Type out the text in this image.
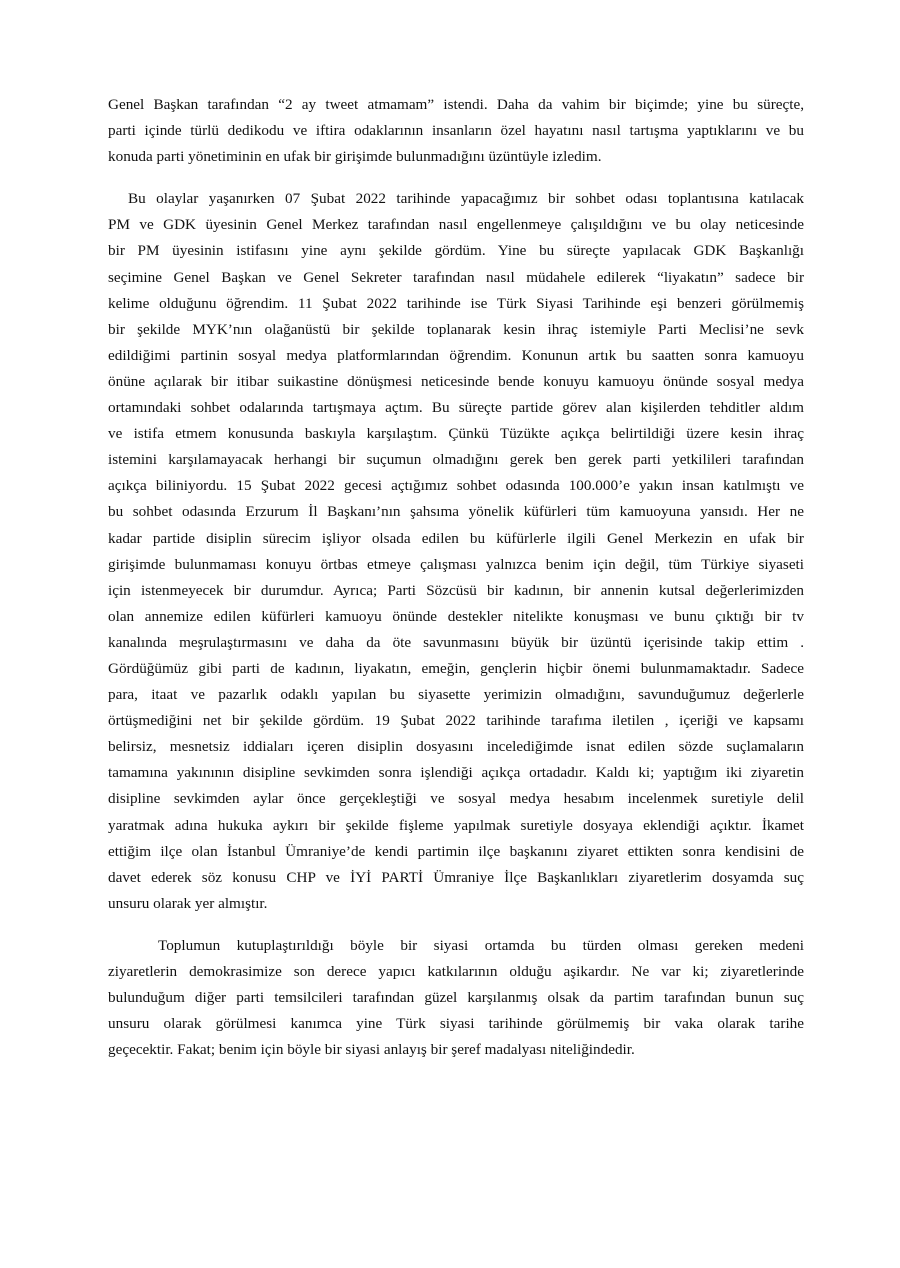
Genel Başkan tarafından “2 ay tweet atmamam” istendi. Daha da vahim bir biçimde; yine bu süreçte,
parti içinde türlü dedikodu ve iftira odaklarının insanların özel hayatını nasıl tartışma yaptıklarını ve bu
konuda parti yönetiminin en ufak bir girişimde bulunmadığını üzüntüyle izledim.
Bu olaylar yaşanırken 07 Şubat 2022 tarihinde yapacağımız bir sohbet odası toplantısına katılacak
PM ve GDK üyesinin Genel Merkez tarafından nasıl engellenmeye çalışıldığını ve bu olay neticesinde
bir PM üyesinin istifasını yine aynı şekilde gördüm. Yine bu süreçte yapılacak GDK Başkanlığı
seçimine Genel Başkan ve Genel Sekreter tarafından nasıl müdahele edilerek “liyakatın” sadece bir
kelime olduğunu öğrendim. 11 Şubat 2022 tarihinde ise Türk Siyasi Tarihinde eşi benzeri görülmemiş
bir şekilde MYK’nın olağanüstü bir şekilde toplanarak kesin ihraç istemiyle Parti Meclisi’ne sevk
edildiğimi partinin sosyal medya platformlarından öğrendim. Konunun artık bu saatten sonra kamuoyu
önüne açılarak bir itibar suikastine dönüşmesi neticesinde bende konuyu kamuoyu önünde sosyal medya
ortamındaki sohbet odalarında tartışmaya açtım. Bu süreçte partide görev alan kişilerden tehditler aldım
ve istifa etmem konusunda baskıyla karşılaştım. Çünkü Tüzükte açıkça belirtildiği üzere kesin ihraç
istemini karşılamayacak herhangi bir suçumun olmadığını gerek ben gerek parti yetkilileri tarafından
açıkça biliniyordu. 15 Şubat 2022 gecesi açtığımız sohbet odasında 100.000’e yakın insan katılmıştı ve
bu sohbet odasında Erzurum İl Başkanı’nın şahsıma yönelik küfürleri tüm kamuoyuna yansıdı. Her ne
kadar partide disiplin sürecim işliyor olsada edilen bu küfürlerle ilgili Genel Merkezin en ufak bir
girişimde bulunmaması konuyu örtbas etmeye çalışması yalnızca benim için değil, tüm Türkiye siyaseti
için istenmeyecek bir durumdur. Ayrıca; Parti Sözcüsü bir kadının, bir annenin kutsal değerlerimizden
olan annemize edilen küfürleri kamuoyu önünde destekler nitelikte konuşması ve bunu çıktığı bir tv
kanalında meşrulaştırmasını ve daha da öte savunmasını büyük bir üzüntü içerisinde takip ettim .
Gördüğümüz gibi parti de kadının, liyakatın, emeğin, gençlerin hiçbir önemi bulunmamaktadır. Sadece
para, itaat ve pazarlık odaklı yapılan bu siyasette yerimizin olmadığını, savunduğumuz değerlerle
örtüşmediğini net bir şekilde gördüm. 19 Şubat 2022 tarihinde tarafıma iletilen , içeriği ve kapsamı
belirsiz, mesnetsiz iddiaları içeren disiplin dosyasını incelediğimde isnat edilen sözde suçlamaların
tamamına yakınının disipline sevkimden sonra işlendiği açıkça ortadadır. Kaldı ki; yaptığım iki ziyaretin
disipline sevkimden aylar önce gerçekleştiği ve sosyal medya hesabım incelenmek suretiyle delil
yaratmak adına hukuka aykırı bir şekilde fişleme yapılmak suretiyle dosyaya eklendiği açıktır. İkamet
ettiğim ilçe olan İstanbul Ümraniye’de kendi partimin ilçe başkanını ziyaret ettikten sonra kendisini de
davet ederek söz konusu CHP ve İYİ PARTİ Ümraniye İlçe Başkanlıkları ziyaretlerim dosyamda suç
unsuru olarak yer almıştır.
Toplumun kutuplaştırıldığı böyle bir siyasi ortamda bu türden olması gereken medeni
ziyaretlerin demokrasimize son derece yapıcı katkılarının olduğu aşikardır. Ne var ki; ziyaretlerinde
bulunduğum diğer parti temsilcileri tarafından güzel karşılanmış olsak da partim tarafından bunun suç
unsuru olarak görülmesi kanımca yine Türk siyasi tarihinde görülmemiş bir vaka olarak tarihe
geçecektir. Fakat; benim için böyle bir siyasi anlayış bir şeref madalyası niteliğindedir.
